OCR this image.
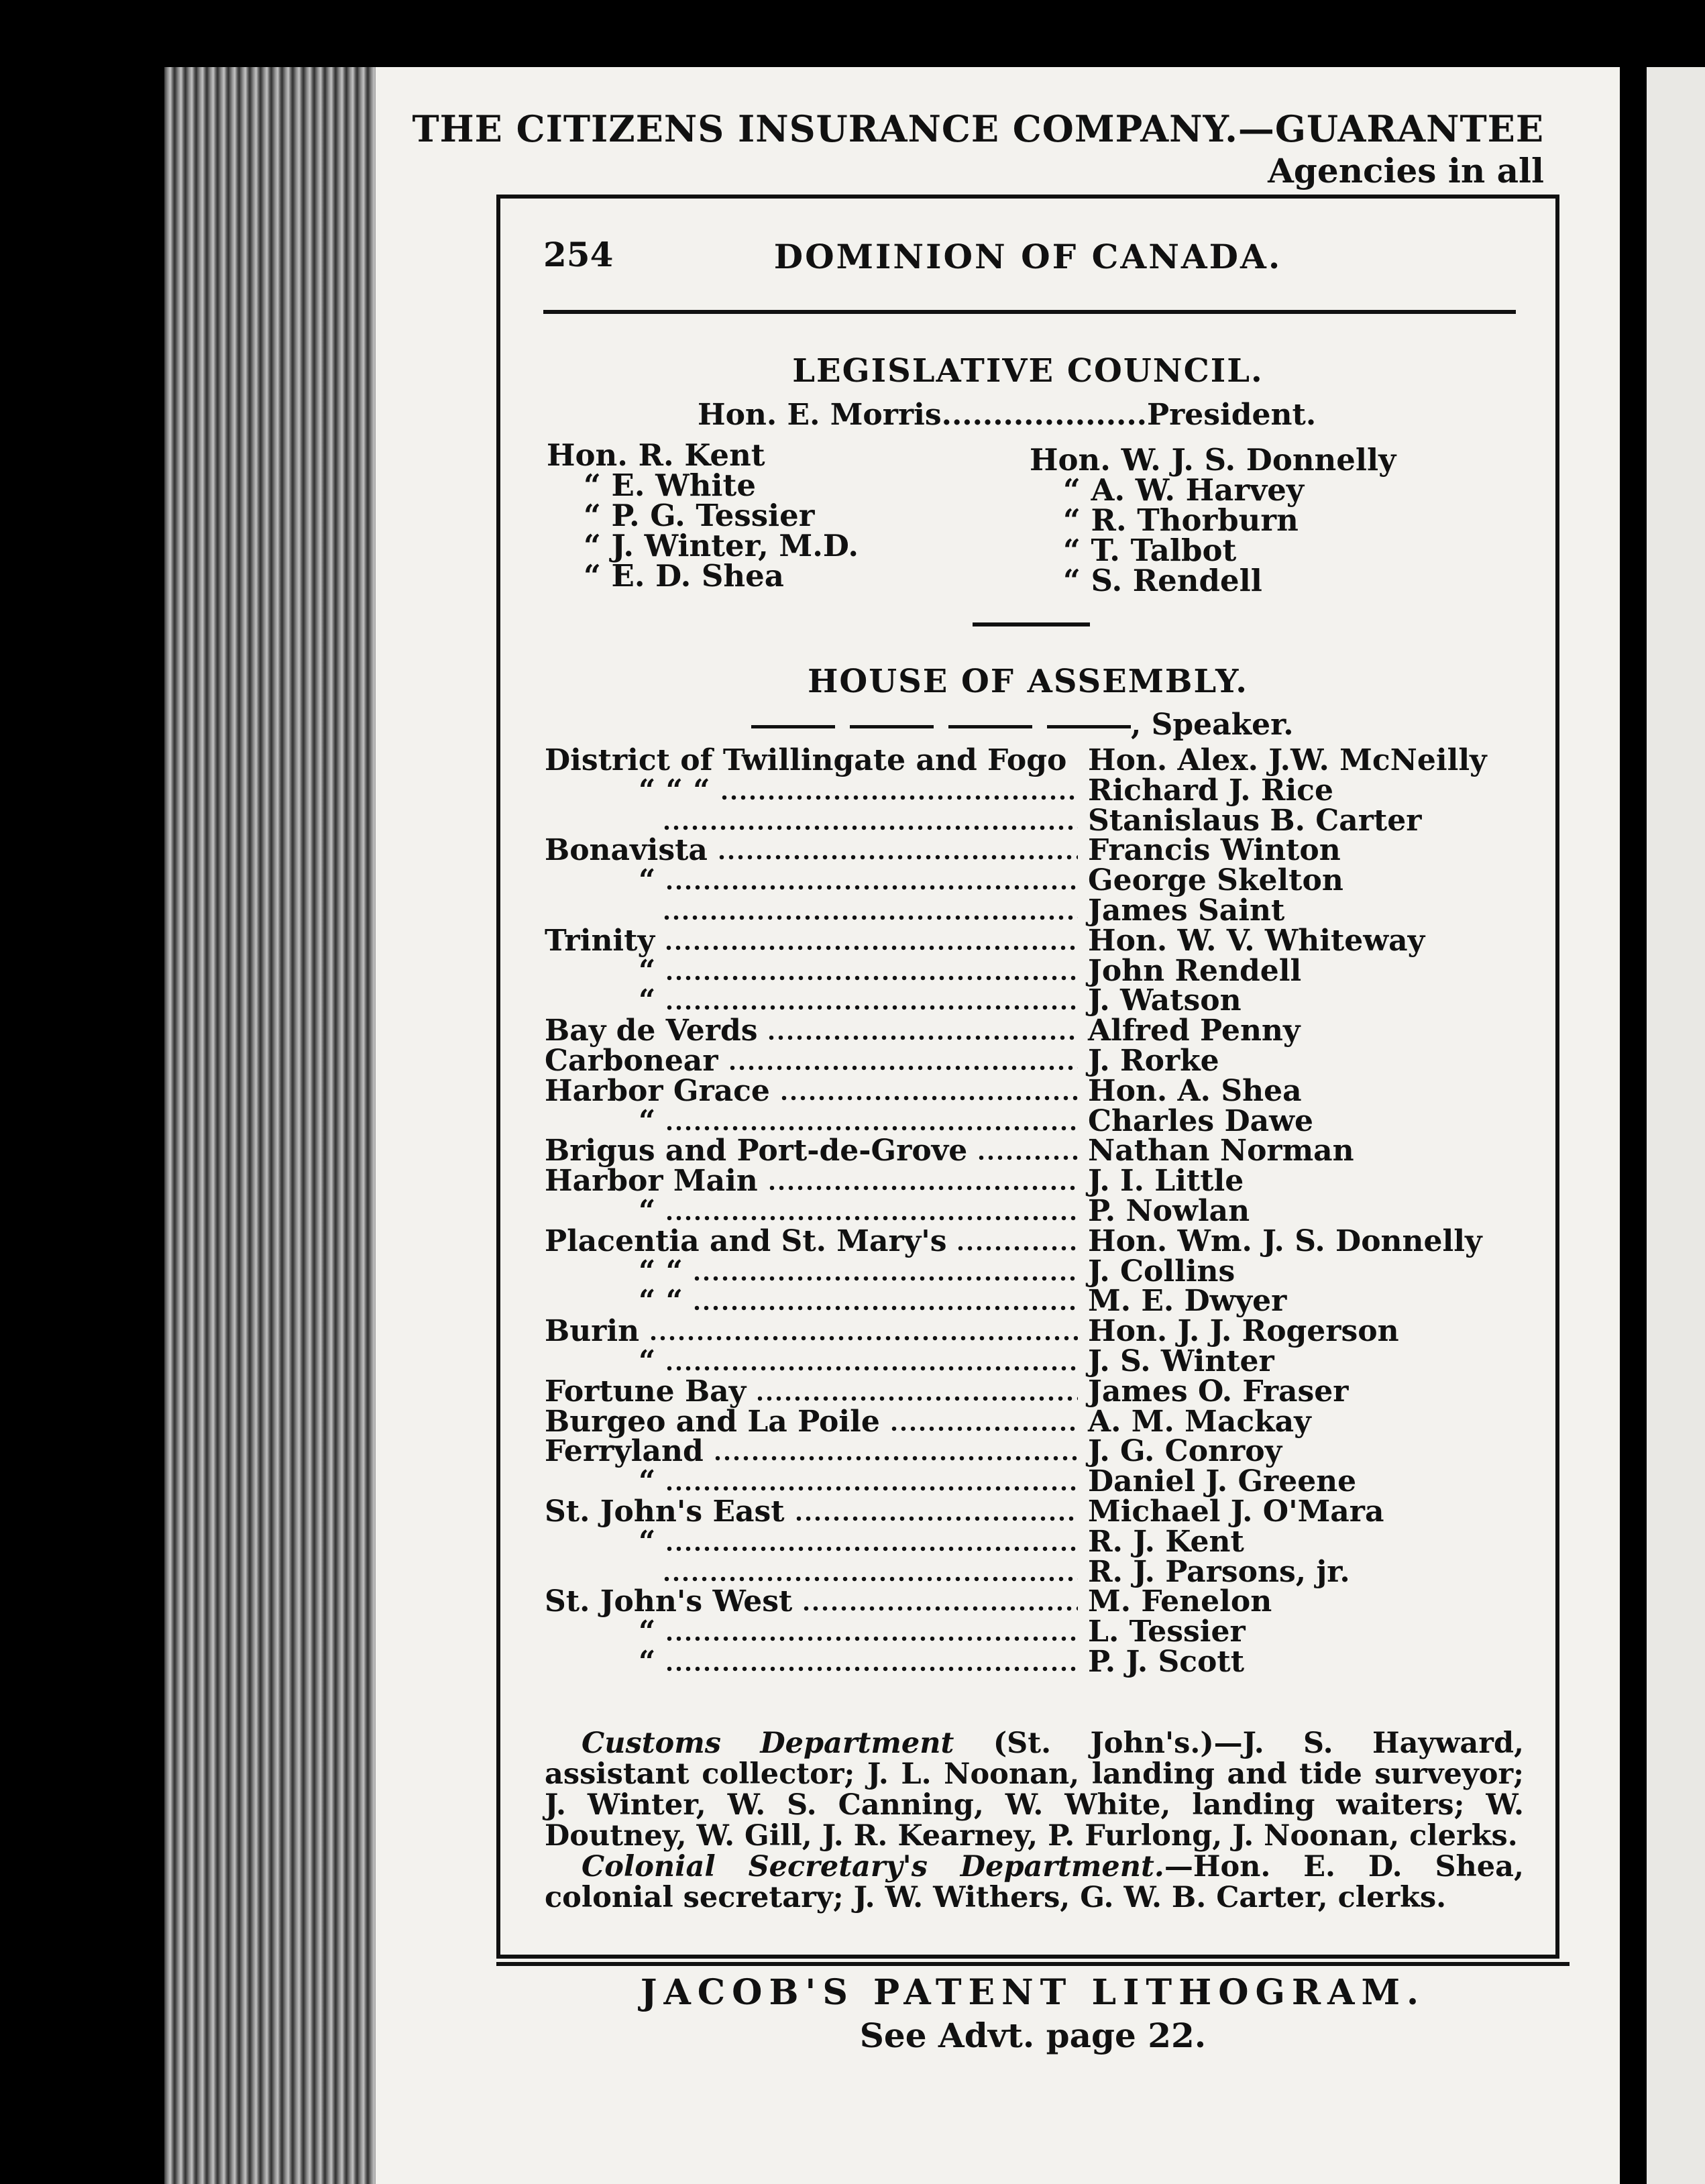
THE CITIZENS INSURANCE COMPANY.—GUARANTEE
Agencies in all
254	DOMINION OF CANADA.
LEGISLATIVE COUNCIL.
Hon. E. Morris....................President.
Hon. R. Kent
“ E. White
“ P. G. Tessier
“ J. Winter, M.D.
“ E. D. Shea
Hon. W. J. S. Donnelly
“ A. W. Harvey
“ R. Thorburn
“ T. Talbot
“ S. Rendell
HOUSE OF ASSEMBLY.
, Speaker.
District of Twillingate and Fogo Hon. Alex. J.W. McNeilly
“ “ “	Richard J. Rice
Stanislaus B. Carter
Bonavista	Francis Winton
“	George Skelton
James Saint
Trinity	Hon. W. V. Whiteway
“	John Rendell
“	J. Watson
Bay de Verds	Alfred Penny
Carbonear	J. Rorke
Harbor Grace	Hon. A. Shea
“	Charles Dawe
Brigus and Port-de-Grove	Nathan Norman
Harbor Main	J. I. Little
“	P. Nowlan
Placentia and St. Mary's	Hon. Wm. J. S. Donnelly
“ “	J. Collins
“ “	M. E. Dwyer
Burin	Hon. J. J. Rogerson
“	J. S. Winter
Fortune Bay	James O. Fraser
Burgeo and La Poile	A. M. Mackay
Ferryland	J. G. Conroy
“	Daniel J. Greene
St. John's East	Michael J. O'Mara
“	R. J. Kent
R. J. Parsons, jr.
St. John's West	M. Fenelon
“	L. Tessier
“	P. J. Scott

Customs Department (St. John's.)—J. S. Hayward, assistant collector; J. L. Noonan, landing and tide surveyor; J. Winter, W. S. Canning, W. White, landing waiters; W. Doutney, W. Gill, J. R. Kearney, P. Furlong, J. Noonan, clerks.

Colonial Secretary's Department.—Hon. E. D. Shea, colonial secretary; J. W. Withers, G. W. B. Carter, clerks.

JACOB'S PATENT LITHOGRAM.
See Advt. page 22.
